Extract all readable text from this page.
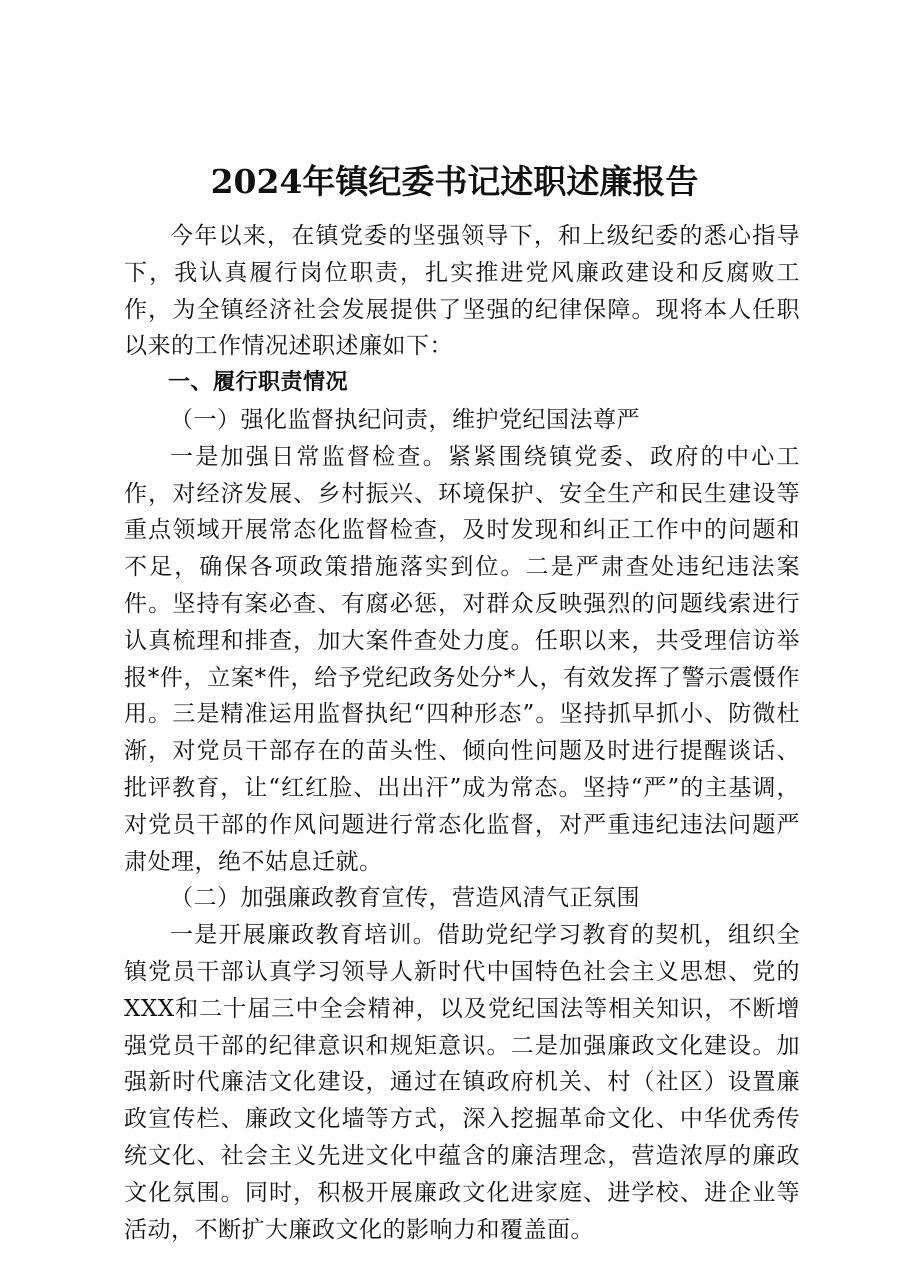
2024年镇纪委书记述职述廉报告

今年以来，在镇党委的坚强领导下，和上级纪委的悉心指导下，我认真履行岗位职责，扎实推进党风廉政建设和反腐败工作，为全镇经济社会发展提供了坚强的纪律保障。现将本人任职以来的工作情况述职述廉如下：

一、履行职责情况

（一）强化监督执纪问责，维护党纪国法尊严

一是加强日常监督检查。紧紧围绕镇党委、政府的中心工作，对经济发展、乡村振兴、环境保护、安全生产和民生建设等重点领域开展常态化监督检查，及时发现和纠正工作中的问题和不足，确保各项政策措施落实到位。二是严肃查处违纪违法案件。坚持有案必查、有腐必惩，对群众反映强烈的问题线索进行认真梳理和排查，加大案件查处力度。任职以来，共受理信访举报*件，立案*件，给予党纪政务处分*人，有效发挥了警示震慑作用。三是精准运用监督执纪“四种形态”。坚持抓早抓小、防微杜渐，对党员干部存在的苗头性、倾向性问题及时进行提醒谈话、批评教育，让“红红脸、出出汗”成为常态。坚持“严”的主基调，对党员干部的作风问题进行常态化监督，对严重违纪违法问题严肃处理，绝不姑息迁就。

（二）加强廉政教育宣传，营造风清气正氛围

一是开展廉政教育培训。借助党纪学习教育的契机，组织全镇党员干部认真学习领导人新时代中国特色社会主义思想、党的XXX和二十届三中全会精神，以及党纪国法等相关知识，不断增强党员干部的纪律意识和规矩意识。二是加强廉政文化建设。加强新时代廉洁文化建设，通过在镇政府机关、村（社区）设置廉政宣传栏、廉政文化墙等方式，深入挖掘革命文化、中华优秀传统文化、社会主义先进文化中蕴含的廉洁理念，营造浓厚的廉政文化氛围。同时，积极开展廉政文化进家庭、进学校、进企业等活动，不断扩大廉政文化的影响力和覆盖面。
